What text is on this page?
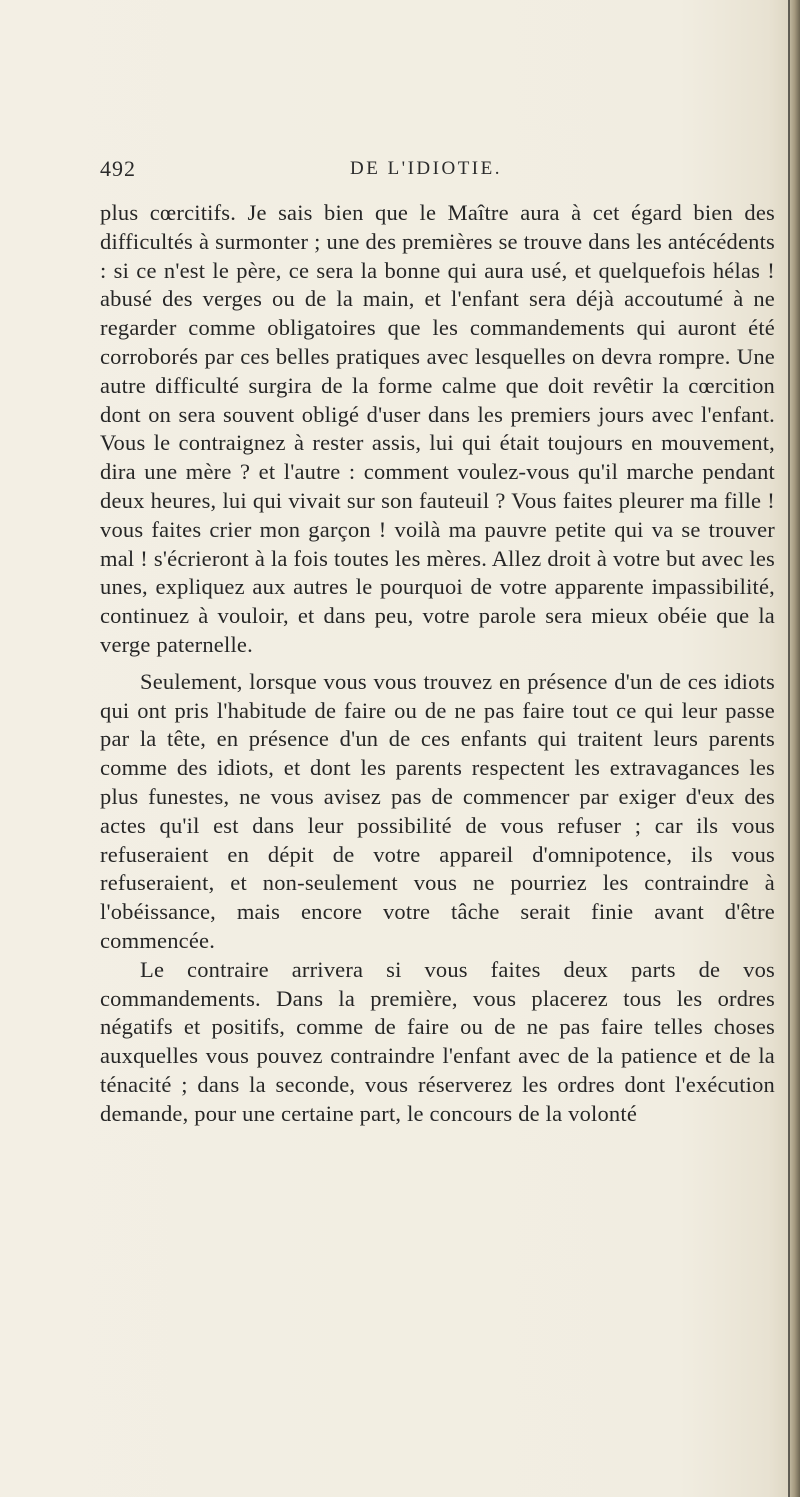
492	DE L'IDIOTIE.

plus cœrcitifs. Je sais bien que le Maître aura à cet égard bien des difficultés à surmonter ; une des premières se trouve dans les antécédents : si ce n'est le père, ce sera la bonne qui aura usé, et quelquefois hélas ! abusé des verges ou de la main, et l'enfant sera déjà accoutumé à ne regarder comme obligatoires que les commandements qui auront été corroborés par ces belles pratiques avec lesquelles on devra rompre. Une autre difficulté surgira de la forme calme que doit revêtir la cœrcition dont on sera souvent obligé d'user dans les premiers jours avec l'enfant. Vous le contraignez à rester assis, lui qui était toujours en mouvement, dira une mère ? et l'autre : comment voulez-vous qu'il marche pendant deux heures, lui qui vivait sur son fauteuil ? Vous faites pleurer ma fille ! vous faites crier mon garçon ! voilà ma pauvre petite qui va se trouver mal ! s'écrieront à la fois toutes les mères. Allez droit à votre but avec les unes, expliquez aux autres le pourquoi de votre apparente impassibilité, continuez à vouloir, et dans peu, votre parole sera mieux obéie que la verge paternelle.

Seulement, lorsque vous vous trouvez en présence d'un de ces idiots qui ont pris l'habitude de faire ou de ne pas faire tout ce qui leur passe par la tête, en présence d'un de ces enfants qui traitent leurs parents comme des idiots, et dont les parents respectent les extravagances les plus funestes, ne vous avisez pas de commencer par exiger d'eux des actes qu'il est dans leur possibilité de vous refuser ; car ils vous refuseraient en dépit de votre appareil d'omnipotence, ils vous refuseraient, et non-seulement vous ne pourriez les contraindre à l'obéissance, mais encore votre tâche serait finie avant d'être commencée.

Le contraire arrivera si vous faites deux parts de vos commandements. Dans la première, vous placerez tous les ordres négatifs et positifs, comme de faire ou de ne pas faire telles choses auxquelles vous pouvez contraindre l'enfant avec de la patience et de la ténacité ; dans la seconde, vous réserverez les ordres dont l'exécution demande, pour une certaine part, le concours de la volonté
